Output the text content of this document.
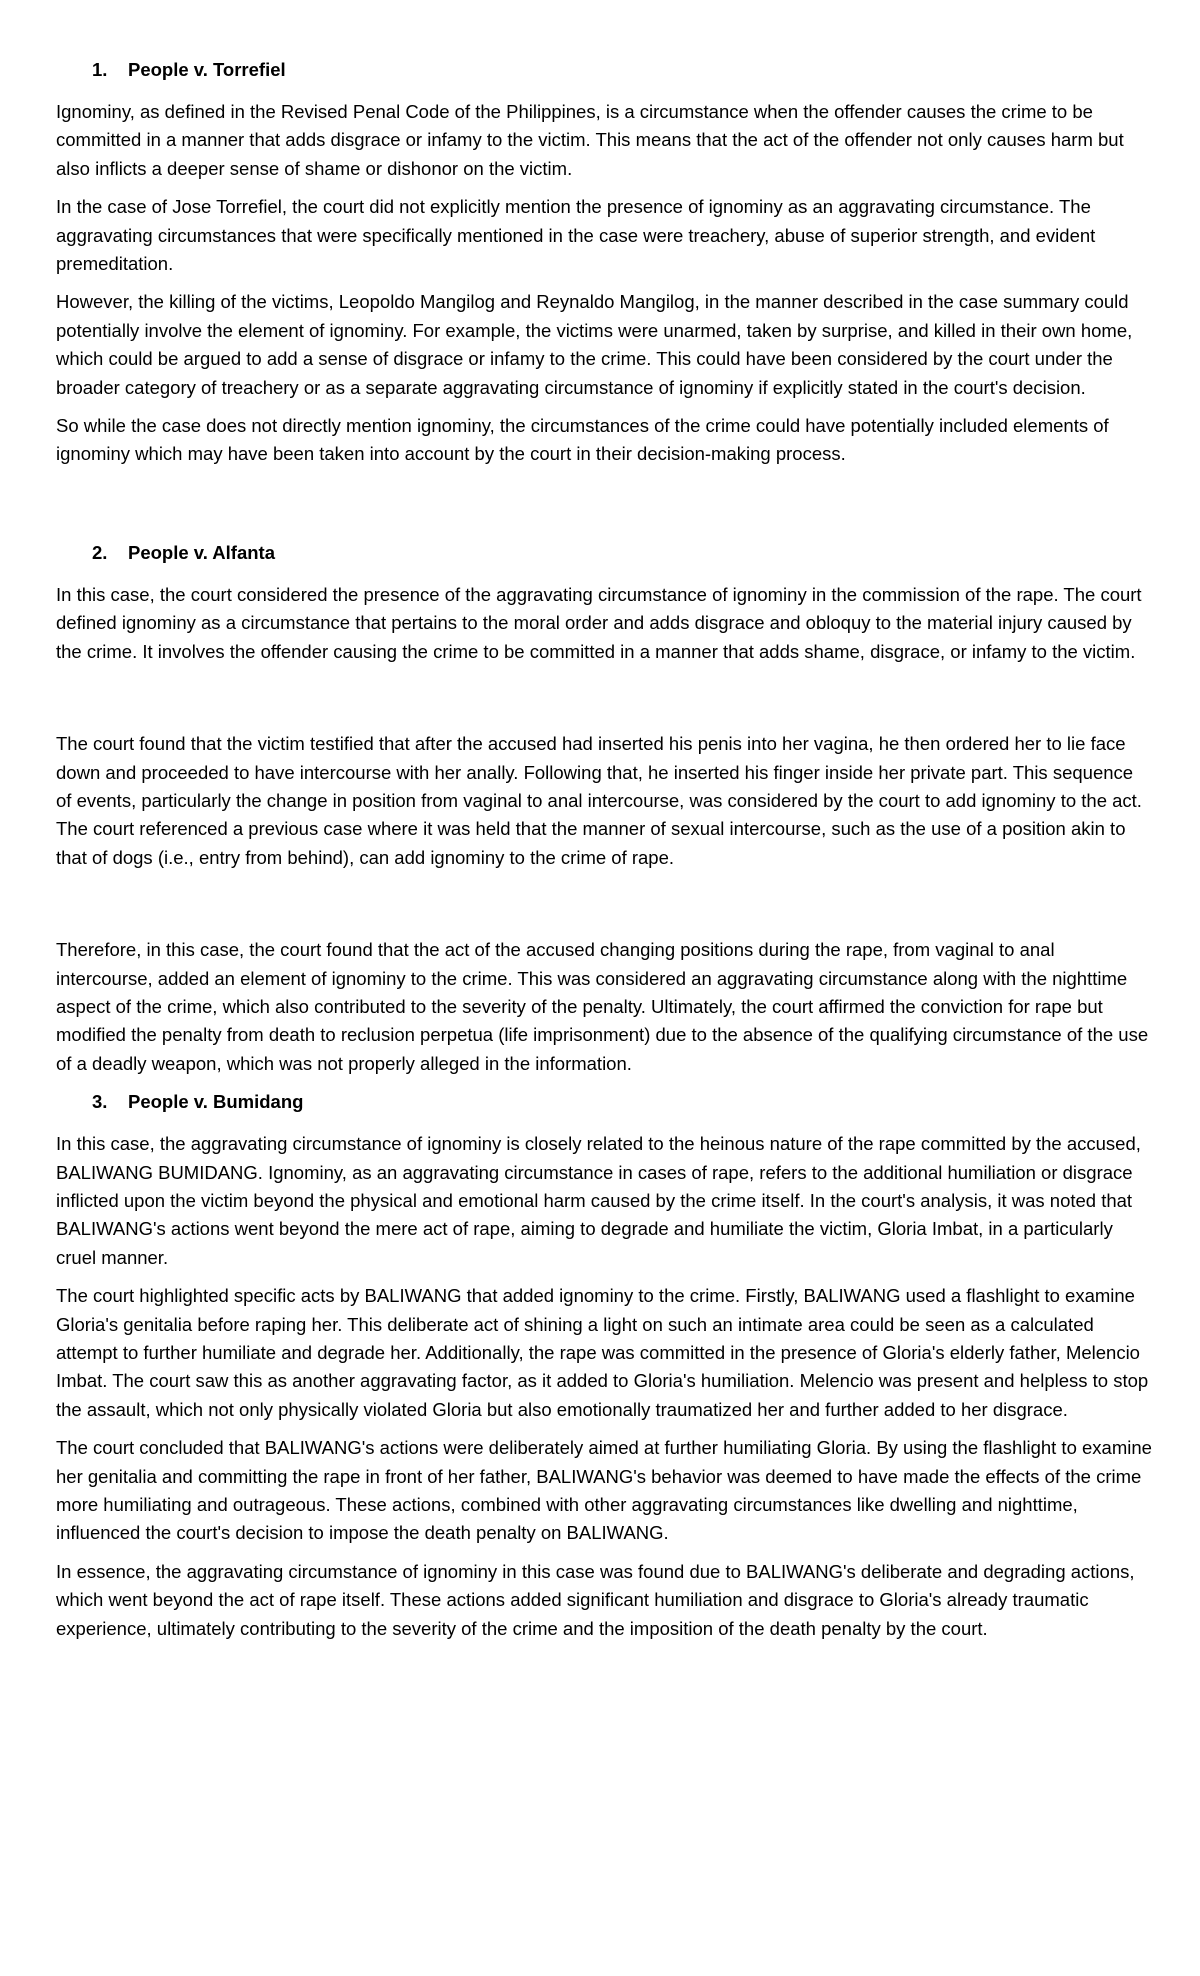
1.	People v. Torrefiel

Ignominy, as defined in the Revised Penal Code of the Philippines, is a circumstance when the offender causes the crime to be committed in a manner that adds disgrace or infamy to the victim. This means that the act of the offender not only causes harm but also inflicts a deeper sense of shame or dishonor on the victim.

In the case of Jose Torrefiel, the court did not explicitly mention the presence of ignominy as an aggravating circumstance. The aggravating circumstances that were specifically mentioned in the case were treachery, abuse of superior strength, and evident premeditation.

However, the killing of the victims, Leopoldo Mangilog and Reynaldo Mangilog, in the manner described in the case summary could potentially involve the element of ignominy. For example, the victims were unarmed, taken by surprise, and killed in their own home, which could be argued to add a sense of disgrace or infamy to the crime. This could have been considered by the court under the broader category of treachery or as a separate aggravating circumstance of ignominy if explicitly stated in the court's decision.

So while the case does not directly mention ignominy, the circumstances of the crime could have potentially included elements of ignominy which may have been taken into account by the court in their decision-making process.

2.	People v. Alfanta

In this case, the court considered the presence of the aggravating circumstance of ignominy in the commission of the rape. The court defined ignominy as a circumstance that pertains to the moral order and adds disgrace and obloquy to the material injury caused by the crime. It involves the offender causing the crime to be committed in a manner that adds shame, disgrace, or infamy to the victim.

The court found that the victim testified that after the accused had inserted his penis into her vagina, he then ordered her to lie face down and proceeded to have intercourse with her anally. Following that, he inserted his finger inside her private part. This sequence of events, particularly the change in position from vaginal to anal intercourse, was considered by the court to add ignominy to the act. The court referenced a previous case where it was held that the manner of sexual intercourse, such as the use of a position akin to that of dogs (i.e., entry from behind), can add ignominy to the crime of rape.

Therefore, in this case, the court found that the act of the accused changing positions during the rape, from vaginal to anal intercourse, added an element of ignominy to the crime. This was considered an aggravating circumstance along with the nighttime aspect of the crime, which also contributed to the severity of the penalty. Ultimately, the court affirmed the conviction for rape but modified the penalty from death to reclusion perpetua (life imprisonment) due to the absence of the qualifying circumstance of the use of a deadly weapon, which was not properly alleged in the information.

3.	People v. Bumidang

In this case, the aggravating circumstance of ignominy is closely related to the heinous nature of the rape committed by the accused, BALIWANG BUMIDANG. Ignominy, as an aggravating circumstance in cases of rape, refers to the additional humiliation or disgrace inflicted upon the victim beyond the physical and emotional harm caused by the crime itself. In the court's analysis, it was noted that BALIWANG's actions went beyond the mere act of rape, aiming to degrade and humiliate the victim, Gloria Imbat, in a particularly cruel manner.

The court highlighted specific acts by BALIWANG that added ignominy to the crime. Firstly, BALIWANG used a flashlight to examine Gloria's genitalia before raping her. This deliberate act of shining a light on such an intimate area could be seen as a calculated attempt to further humiliate and degrade her. Additionally, the rape was committed in the presence of Gloria's elderly father, Melencio Imbat. The court saw this as another aggravating factor, as it added to Gloria's humiliation. Melencio was present and helpless to stop the assault, which not only physically violated Gloria but also emotionally traumatized her and further added to her disgrace.

The court concluded that BALIWANG's actions were deliberately aimed at further humiliating Gloria. By using the flashlight to examine her genitalia and committing the rape in front of her father, BALIWANG's behavior was deemed to have made the effects of the crime more humiliating and outrageous. These actions, combined with other aggravating circumstances like dwelling and nighttime, influenced the court's decision to impose the death penalty on BALIWANG.

In essence, the aggravating circumstance of ignominy in this case was found due to BALIWANG's deliberate and degrading actions, which went beyond the act of rape itself. These actions added significant humiliation and disgrace to Gloria's already traumatic experience, ultimately contributing to the severity of the crime and the imposition of the death penalty by the court.
